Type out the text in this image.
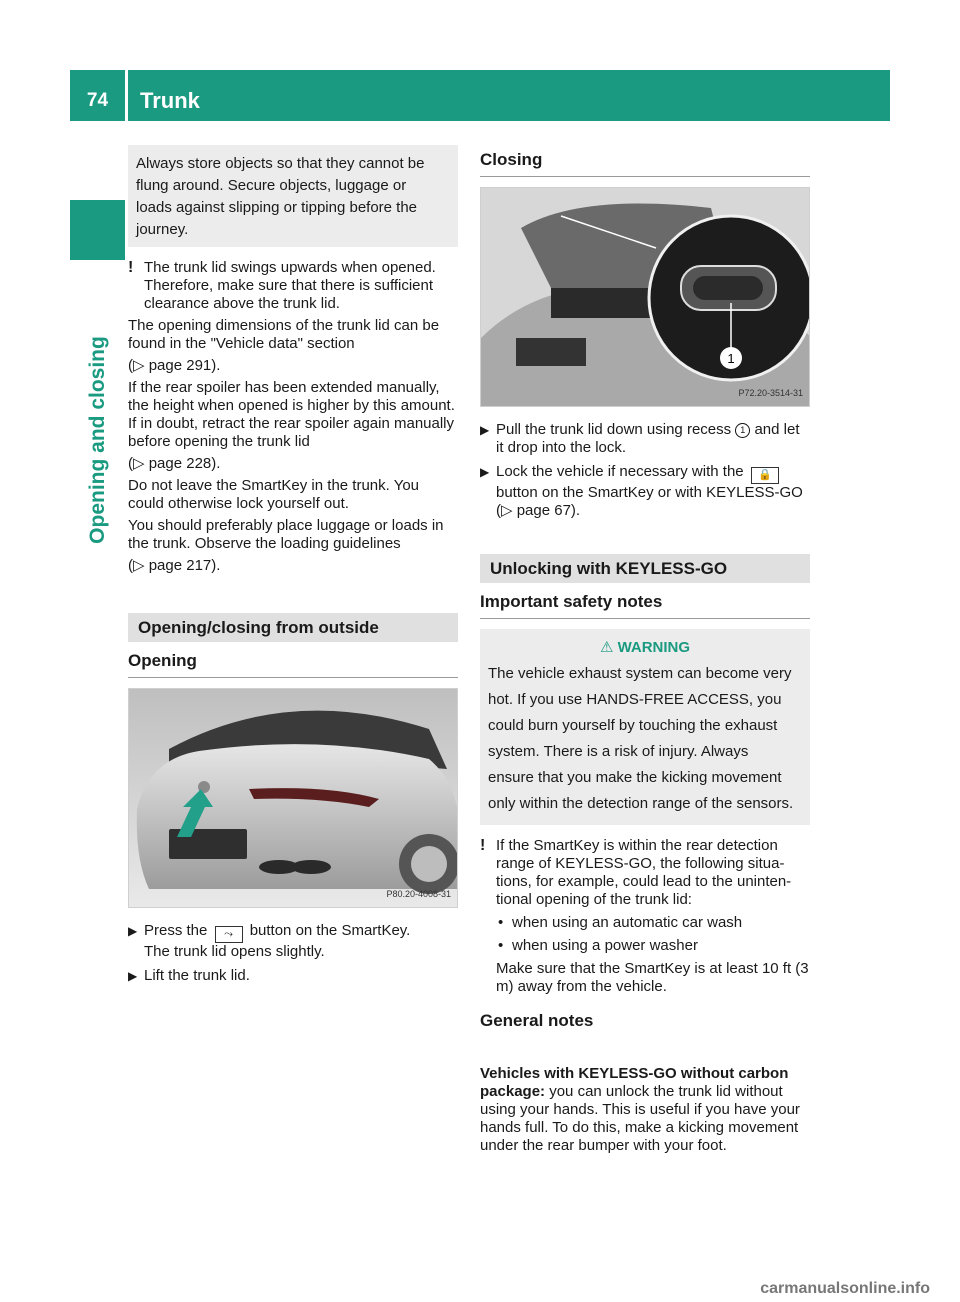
74	Trunk
Opening and closing

Always store objects so that they cannot be

flung around. Secure objects, luggage or

loads against slipping or tipping before the

journey.

! The trunk lid swings upwards when opened. Therefore, make sure that there is sufficient clearance above the trunk lid.

The opening dimensions of the trunk lid can be found in the "Vehicle data" section

(▷ page 291).

If the rear spoiler has been extended manually, the height when opened is higher by this amount. If in doubt, retract the rear spoiler again manually before opening the trunk lid

(▷ page 228).

Do not leave the SmartKey in the trunk. You could otherwise lock yourself out.

You should preferably place luggage or loads in the trunk. Observe the loading guidelines

(▷ page 217).

Opening/closing from outside
Opening
P80.20-4008-31
▶ Press the ⤳ button on the SmartKey.
The trunk lid opens slightly.
▶ Lift the trunk lid.
Closing
1
P72.20-3514-31
▶ Pull the trunk lid down using recess 1 and let it drop into the lock.
▶ Lock the vehicle if necessary with the 🔒 button on the SmartKey or with KEYLESS-GO
(▷ page 67).
Unlocking with KEYLESS-GO
Important safety notes
⚠ WARNING

The vehicle exhaust system can become very

hot. If you use HANDS-FREE ACCESS, you

could burn yourself by touching the exhaust

system. There is a risk of injury. Always

ensure that you make the kicking movement

only within the detection range of the sensors.

! If the SmartKey is within the rear detection range of KEYLESS-GO, the following situa-tions, for example, could lead to the uninten-tional opening of the trunk lid:
• when using an automatic car wash
• when using a power washer

Make sure that the SmartKey is at least 10 ft (3 m) away from the vehicle.

General notes

Vehicles with KEYLESS-GO without carbon package: you can unlock the trunk lid without using your hands. This is useful if you have your hands full. To do this, make a kicking movement under the rear bumper with your foot.

carmanualsonline.info
